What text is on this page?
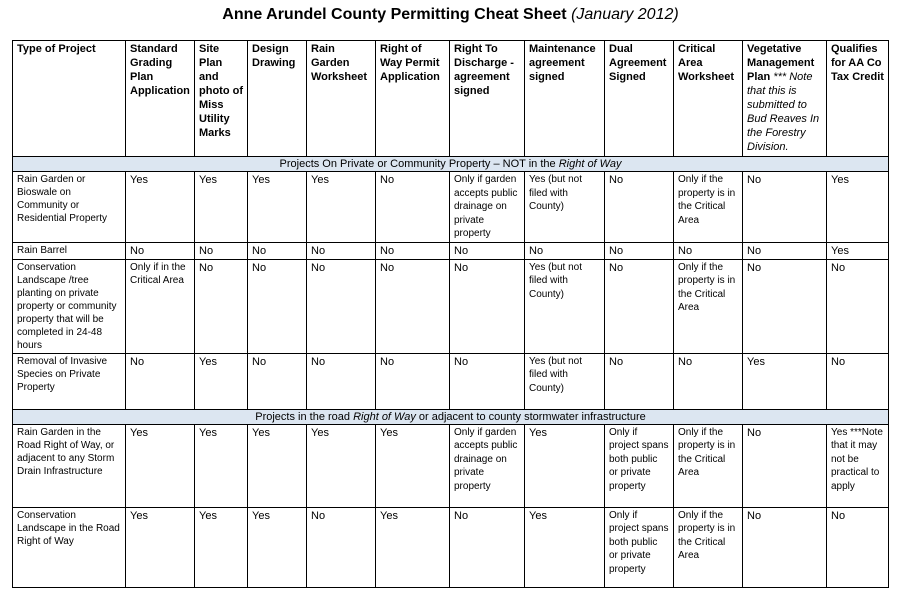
Anne Arundel County Permitting Cheat Sheet (January 2012)
Type of Project	Standard Grading Plan Application	Site Plan and photo of Miss Utility Marks	Design Drawing	Rain Garden Worksheet	Right of Way Permit Application	Right To Discharge - agreement signed	Maintenance agreement signed	Dual Agreement Signed	Critical Area Worksheet	Vegetative Management Plan *** Note that this is submitted to Bud Reaves In the Forestry Division.	Qualifies for AA Co Tax Credit
Projects On Private or Community Property – NOT in the Right of Way											
Rain Garden or Bioswale on Community or Residential Property	Yes	Yes	Yes	Yes	No	Only if garden accepts public drainage on private property	Yes (but not filed with County)	No	Only if the property is in the Critical Area	No	Yes
Rain Barrel	No	No	No	No	No	No	No	No	No	No	Yes
Conservation Landscape /tree planting on private property or community property that will be completed in 24-48 hours	Only if in the Critical Area	No	No	No	No	No	Yes (but not filed with County)	No	Only if the property is in the Critical Area	No	No
Removal of Invasive Species on Private Property	No	Yes	No	No	No	No	Yes (but not filed with County)	No	No	Yes	No
Projects in the road Right of Way or adjacent to county stormwater infrastructure											
Rain Garden in the Road Right of Way, or adjacent to any Storm Drain Infrastructure	Yes	Yes	Yes	Yes	Yes	Only if garden accepts public drainage on private property	Yes	Only if project spans both public or private property	Only if the property is in the Critical Area	No	Yes ***Note that it may not be practical to apply
Conservation Landscape in the Road Right of Way	Yes	Yes	Yes	No	Yes	No	Yes	Only if project spans both public or private property	Only if the property is in the Critical Area	No	No
